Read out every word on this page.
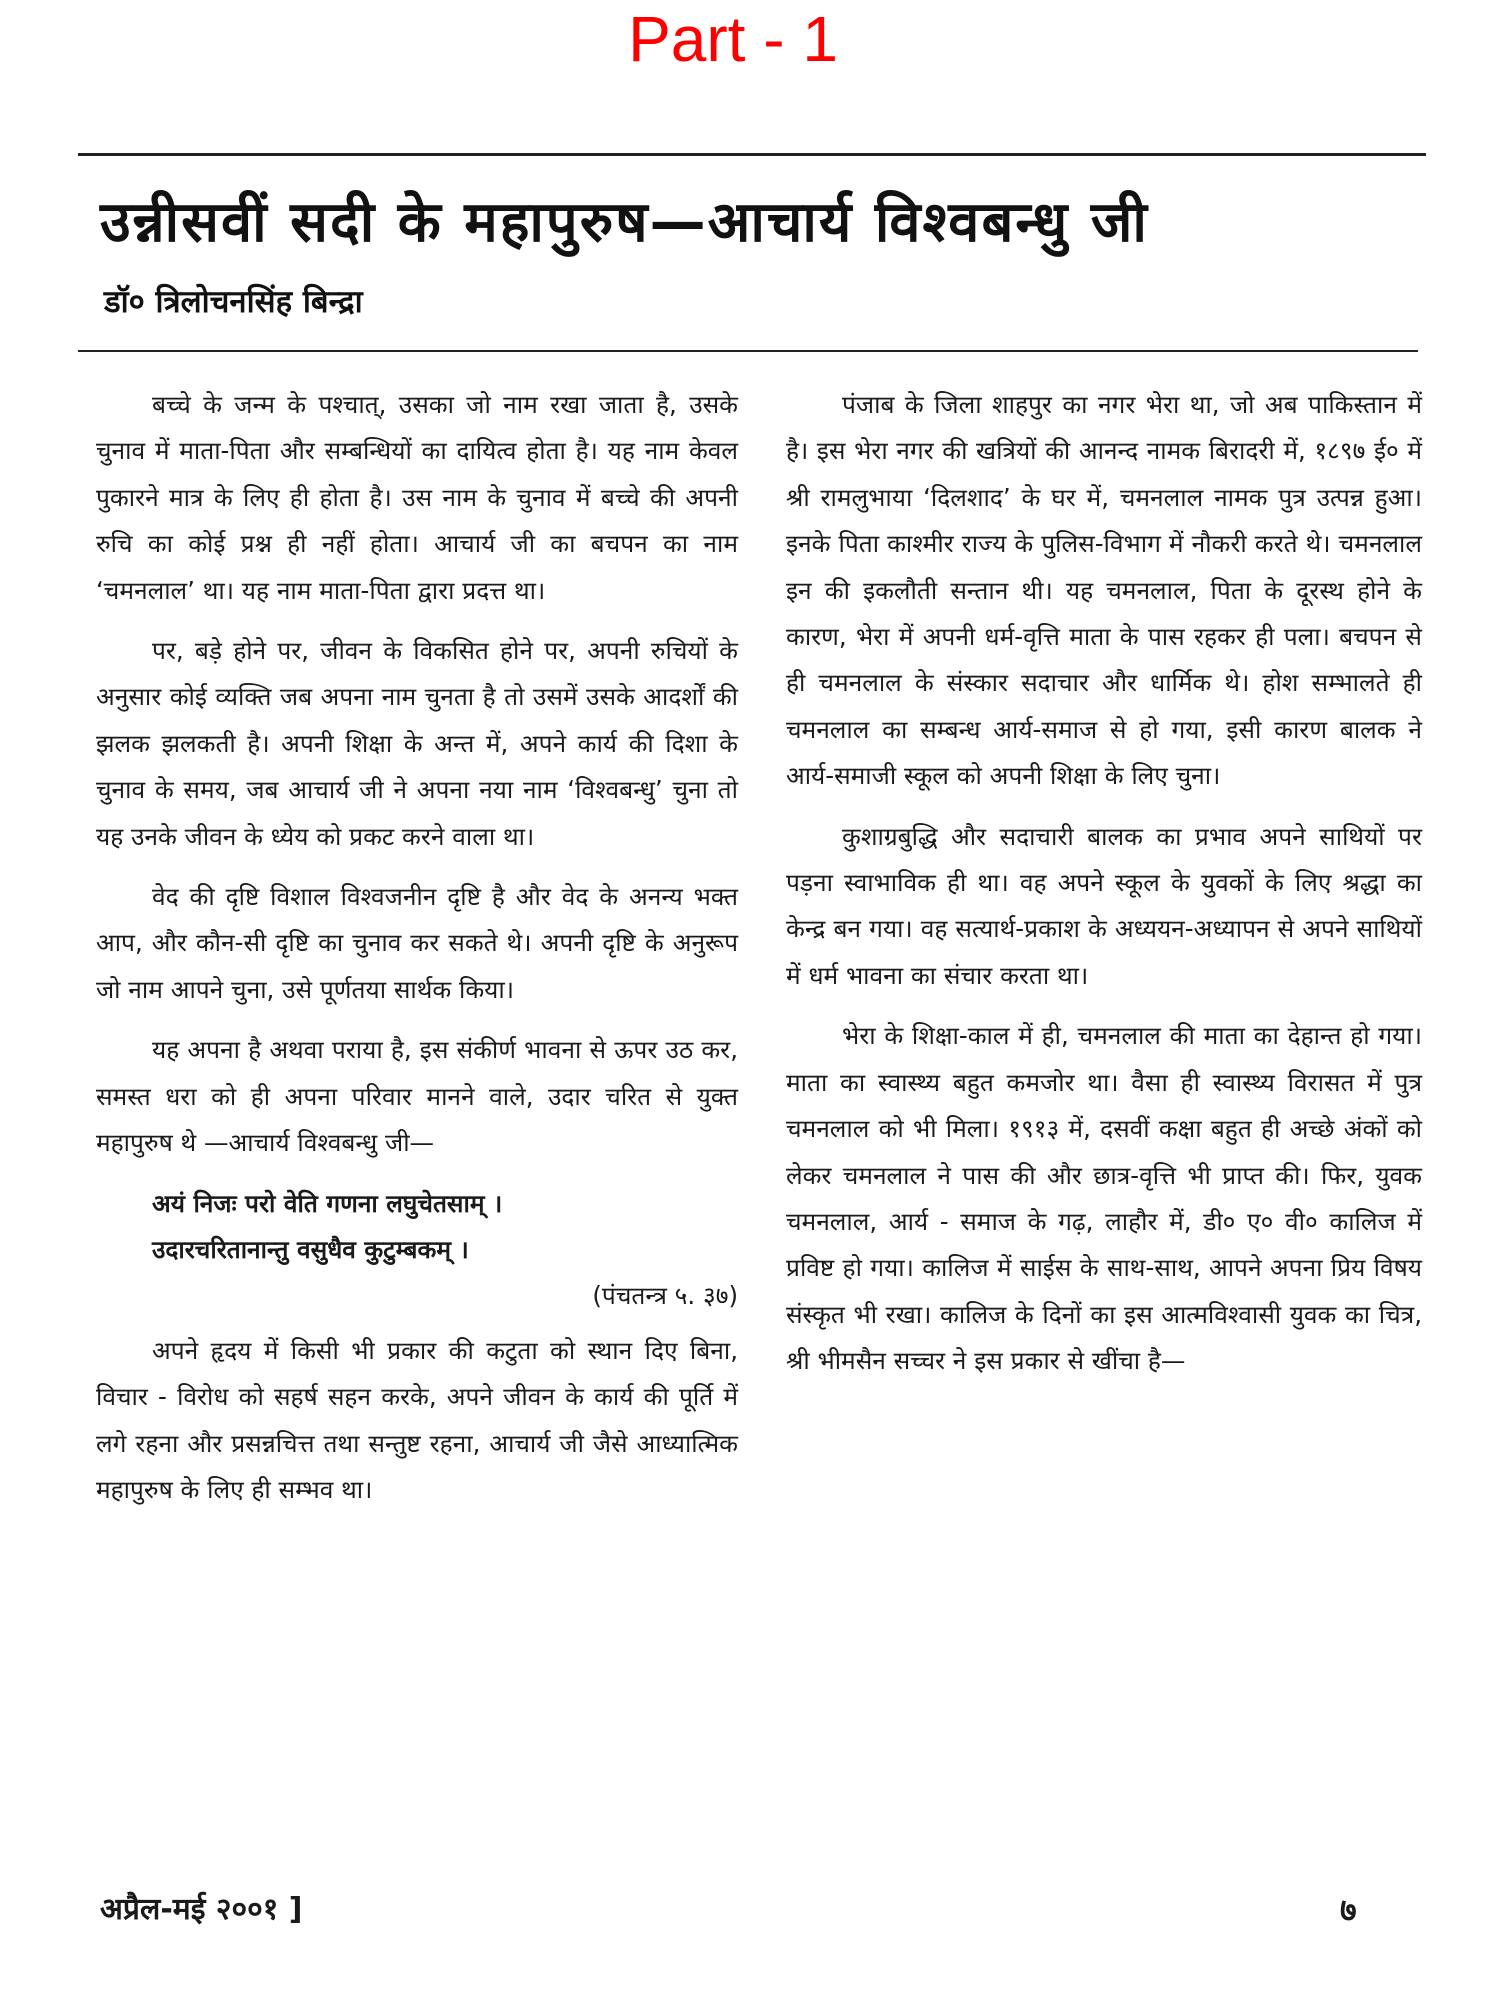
Part - 1
उन्नीसवीं सदी के महापुरुष—आचार्य विश्वबन्धु जी
डॉ० त्रिलोचनसिंह बिन्द्रा

बच्चे के जन्म के पश्चात्, उसका जो नाम रखा जाता है, उसके चुनाव में माता-पिता और सम्बन्धियों का दायित्व होता है। यह नाम केवल पुकारने मात्र के लिए ही होता है। उस नाम के चुनाव में बच्चे की अपनी रुचि का कोई प्रश्न ही नहीं होता। आचार्य जी का बचपन का नाम ‘चमनलाल’ था। यह नाम माता-पिता द्वारा प्रदत्त था।

पर, बड़े होने पर, जीवन के विकसित होने पर, अपनी रुचियों के अनुसार कोई व्यक्ति जब अपना नाम चुनता है तो उसमें उसके आदर्शों की झलक झलकती है। अपनी शिक्षा के अन्त में, अपने कार्य की दिशा के चुनाव के समय, जब आचार्य जी ने अपना नया नाम ‘विश्वबन्धु’ चुना तो यह उनके जीवन के ध्येय को प्रकट करने वाला था।

वेद की दृष्टि विशाल विश्वजनीन दृष्टि है और वेद के अनन्य भक्त आप, और कौन-सी दृष्टि का चुनाव कर सकते थे। अपनी दृष्टि के अनुरूप जो नाम आपने चुना, उसे पूर्णतया सार्थक किया।

यह अपना है अथवा पराया है, इस संकीर्ण भावना से ऊपर उठ कर, समस्त धरा को ही अपना परिवार मानने वाले, उदार चरित से युक्त महापुरुष थे —आचार्य विश्वबन्धु जी—

अयं निजः परो वेति गणना लघुचेतसाम् ।
उदारचरितानान्तु वसुधैव कुटुम्बकम् ।
(पंचतन्त्र ५. ३७)

अपने हृदय में किसी भी प्रकार की कटुता को स्थान दिए बिना, विचार - विरोध को सहर्ष सहन करके, अपने जीवन के कार्य की पूर्ति में लगे रहना और प्रसन्नचित्त तथा सन्तुष्ट रहना, आचार्य जी जैसे आध्यात्मिक महापुरुष के लिए ही सम्भव था।

पंजाब के जिला शाहपुर का नगर भेरा था, जो अब पाकिस्तान में है। इस भेरा नगर की खत्रियों की आनन्द नामक बिरादरी में, १८९७ ई० में श्री रामलुभाया ‘दिलशाद’ के घर में, चमनलाल नामक पुत्र उत्पन्न हुआ। इनके पिता काश्मीर राज्य के पुलिस-विभाग में नौकरी करते थे। चमनलाल इन की इकलौती सन्तान थी। यह चमनलाल, पिता के दूरस्थ होने के कारण, भेरा में अपनी धर्म-वृत्ति माता के पास रहकर ही पला। बचपन से ही चमनलाल के संस्कार सदाचार और धार्मिक थे। होश सम्भालते ही चमनलाल का सम्बन्ध आर्य-समाज से हो गया, इसी कारण बालक ने आर्य-समाजी स्कूल को अपनी शिक्षा के लिए चुना।

कुशाग्रबुद्धि और सदाचारी बालक का प्रभाव अपने साथियों पर पड़ना स्वाभाविक ही था। वह अपने स्कूल के युवकों के लिए श्रद्धा का केन्द्र बन गया। वह सत्यार्थ-प्रकाश के अध्ययन-अध्यापन से अपने साथियों में धर्म भावना का संचार करता था।

भेरा के शिक्षा-काल में ही, चमनलाल की माता का देहान्त हो गया। माता का स्वास्थ्य बहुत कमजोर था। वैसा ही स्वास्थ्य विरासत में पुत्र चमनलाल को भी मिला। १९१३ में, दसवीं कक्षा बहुत ही अच्छे अंकों को लेकर चमनलाल ने पास की और छात्र-वृत्ति भी प्राप्त की। फिर, युवक चमनलाल, आर्य - समाज के गढ़, लाहौर में, डी० ए० वी० कालिज में प्रविष्ट हो गया। कालिज में साईस के साथ-साथ, आपने अपना प्रिय विषय संस्कृत भी रखा। कालिज के दिनों का इस आत्मविश्वासी युवक का चित्र, श्री भीमसैन सच्चर ने इस प्रकार से खींचा है—

अप्रैल-मई २००१ ]	७
